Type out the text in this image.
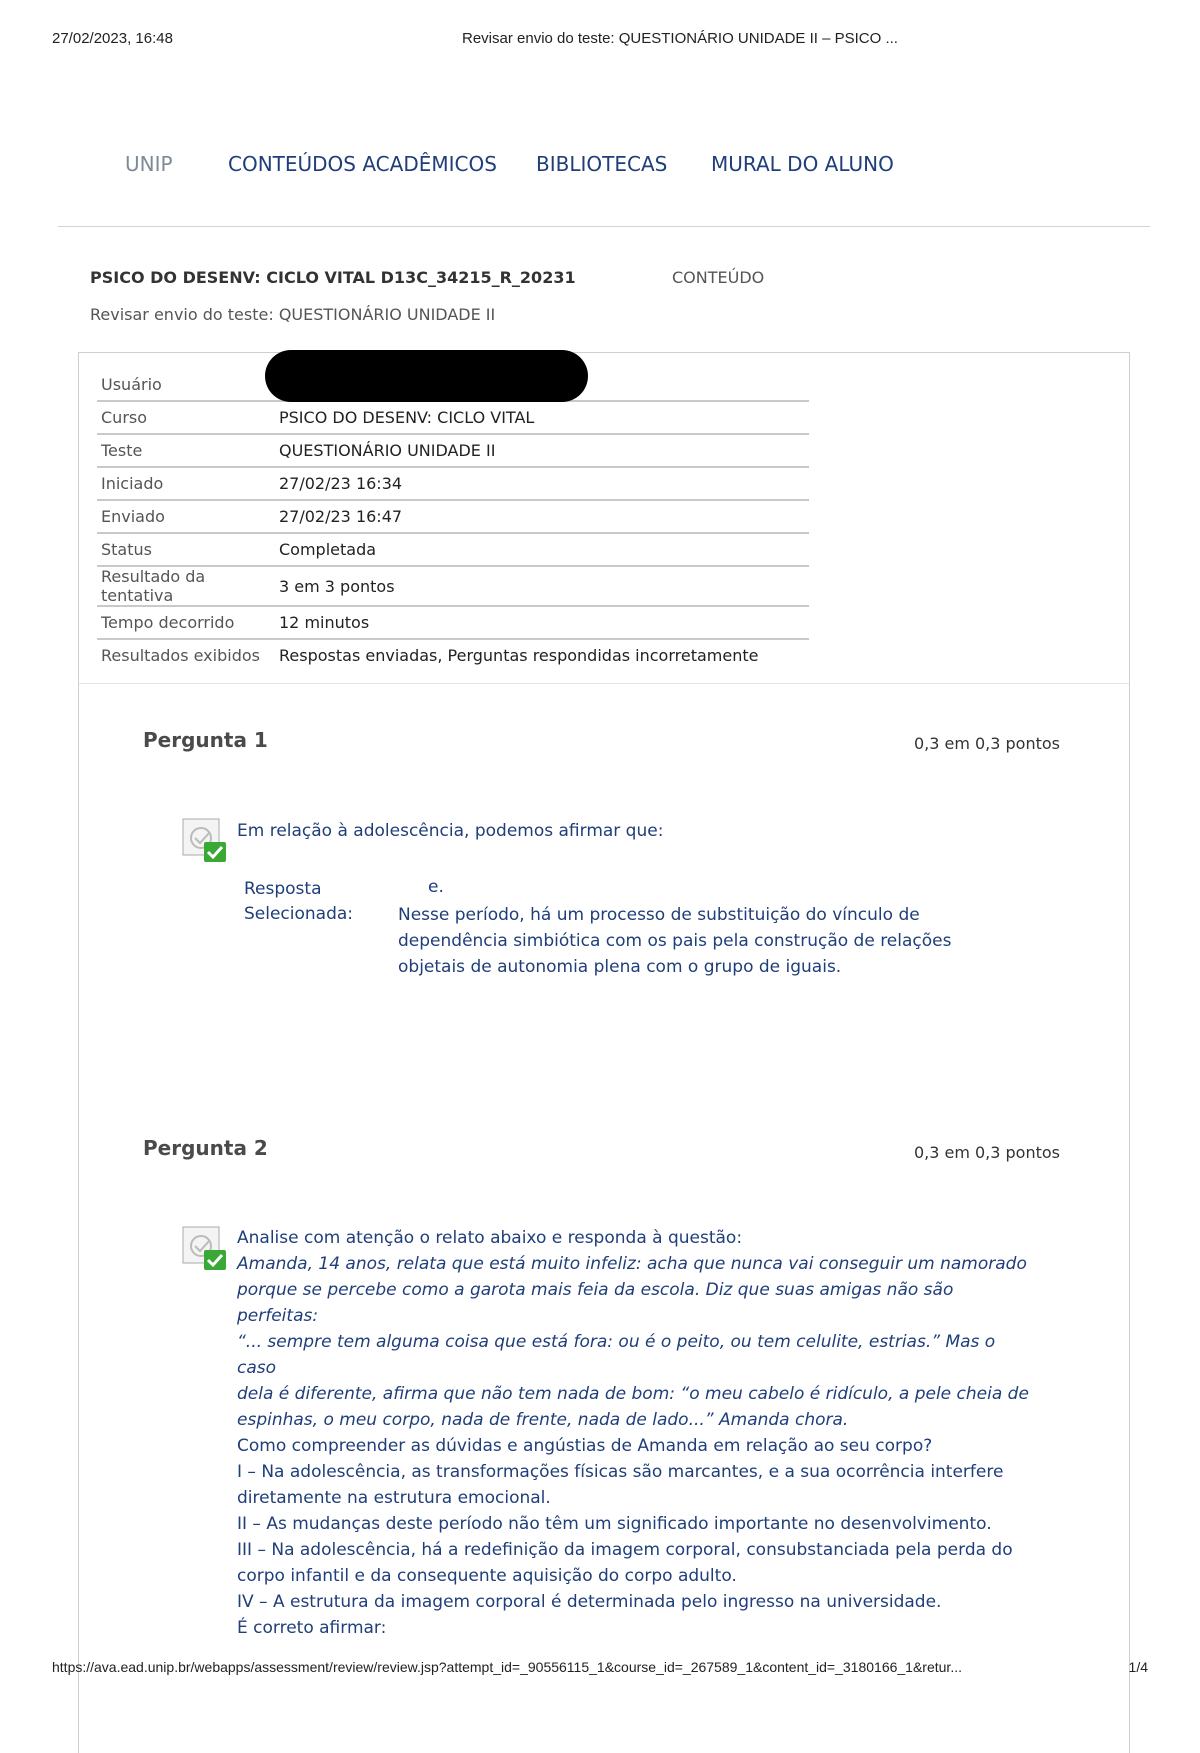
27/02/2023, 16:48	Revisar envio do teste: QUESTIONÁRIO UNIDADE II – PSICO ...
UNIP	CONTEÚDOS ACADÊMICOS BIBLIOTECAS MURAL DO ALUNO
PSICO DO DESENV: CICLO VITAL D13C_34215_R_20231	CONTEÚDO
Revisar envio do teste: QUESTIONÁRIO UNIDADE II
Usuário	
Curso	PSICO DO DESENV: CICLO VITAL
Teste	QUESTIONÁRIO UNIDADE II
Iniciado	27/02/23 16:34
Enviado	27/02/23 16:47
Status	Completada
Resultado da tentativa	3 em 3 pontos
Tempo decorrido	12 minutos
Resultados exibidos	Respostas enviadas, Perguntas respondidas incorretamente
Pergunta 1	0,3 em 0,3 pontos
Em relação à adolescência, podemos afirmar que:
Resposta
Selecionada:
e.
Nesse período, há um processo de substituição do vínculo de
dependência simbiótica com os pais pela construção de relações
objetais de autonomia plena com o grupo de iguais.
Pergunta 2	0,3 em 0,3 pontos
Analise com atenção o relato abaixo e responda à questão:
Amanda, 14 anos, relata que está muito infeliz: acha que nunca vai conseguir um namorado
porque se percebe como a garota mais feia da escola. Diz que suas amigas não são perfeitas:
“... sempre tem alguma coisa que está fora: ou é o peito, ou tem celulite, estrias.” Mas o caso
dela é diferente, afirma que não tem nada de bom: “o meu cabelo é ridículo, a pele cheia de
espinhas, o meu corpo, nada de frente, nada de lado...” Amanda chora.
Como compreender as dúvidas e angústias de Amanda em relação ao seu corpo?
I – Na adolescência, as transformações físicas são marcantes, e a sua ocorrência interfere
diretamente na estrutura emocional.
II – As mudanças deste período não têm um significado importante no desenvolvimento.
III – Na adolescência, há a redefinição da imagem corporal, consubstanciada pela perda do
corpo infantil e da consequente aquisição do corpo adulto.
IV – A estrutura da imagem corporal é determinada pelo ingresso na universidade.
É correto afirmar:
https://ava.ead.unip.br/webapps/assessment/review/review.jsp?attempt_id=_90556115_1&course_id=_267589_1&content_id=_3180166_1&retur...	1/4
